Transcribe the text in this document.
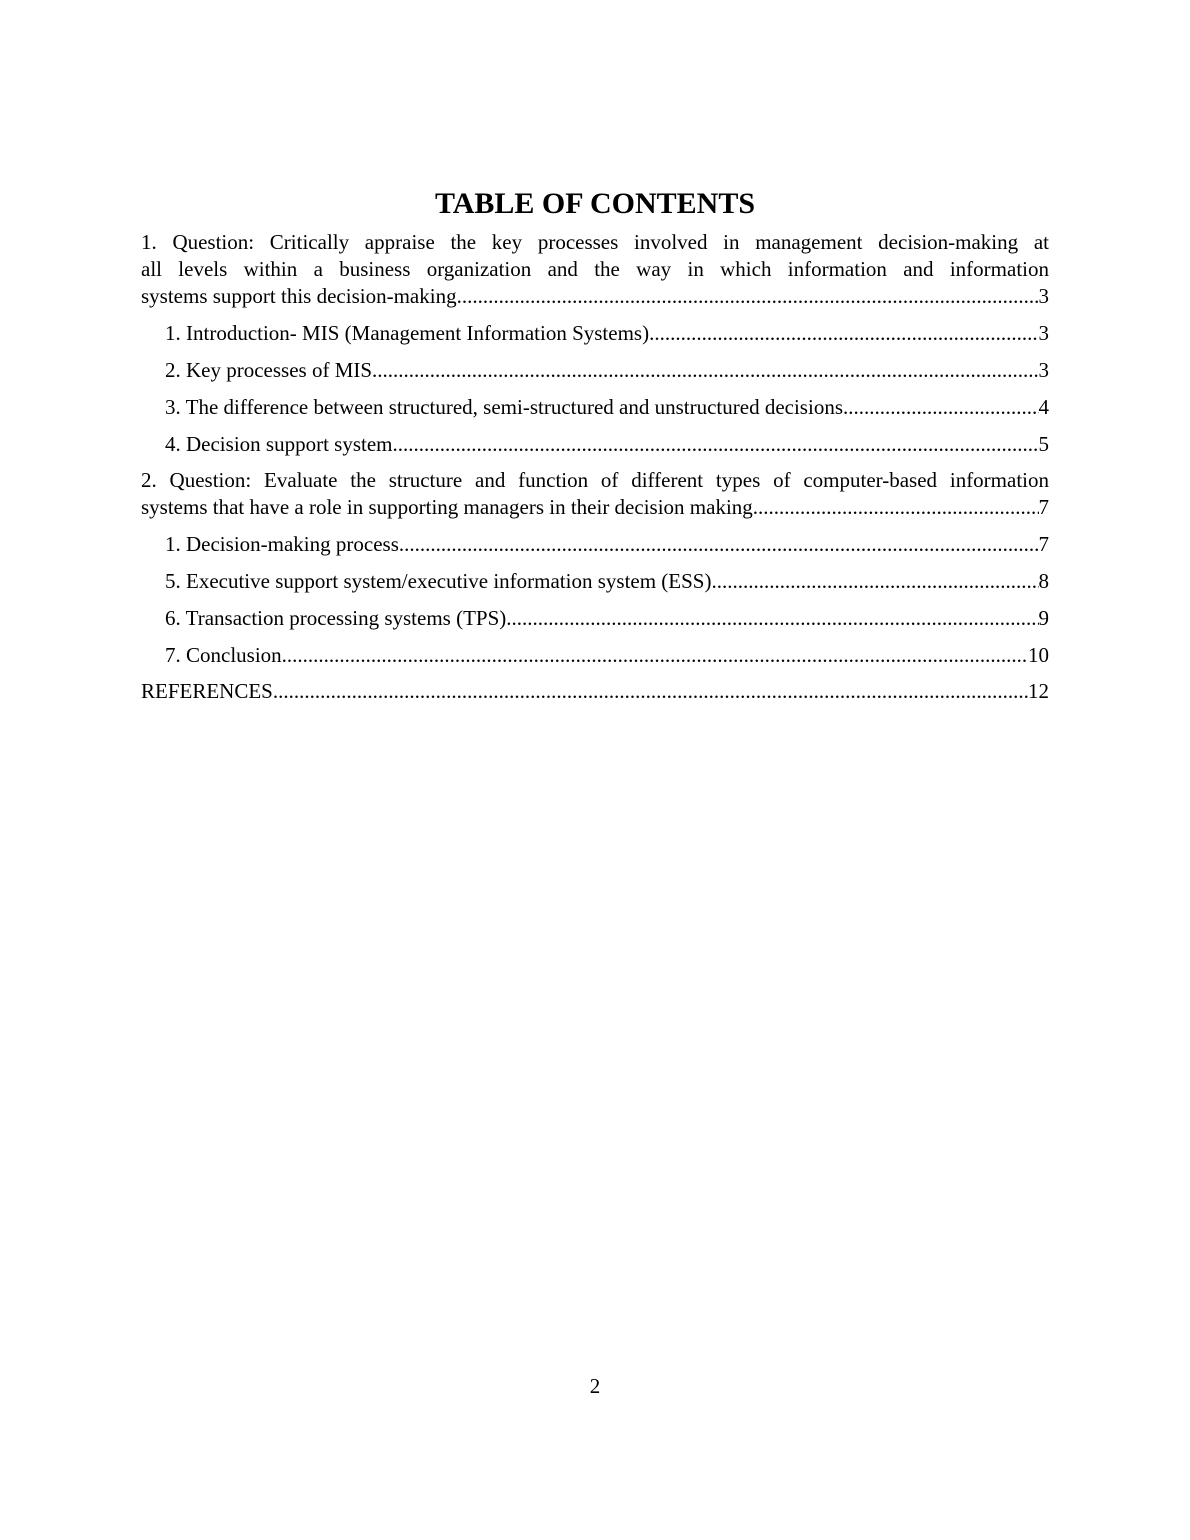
TABLE OF CONTENTS
1. Question: Critically appraise the key processes involved in management decision-making at
all levels within a business organization and the way in which information and information
systems support this decision-making. .....	3
1. Introduction- MIS (Management Information Systems) .....	3
2. Key processes of MIS .....	3
3. The difference between structured, semi-structured and unstructured decisions .....	4
4. Decision support system .....	5
2. Question: Evaluate the structure and function of different types of computer-based information
systems that have a role in supporting managers in their decision making. .....	7
1. Decision-making process .....	7
5. Executive support system/executive information system (ESS) .....	8
6. Transaction processing systems (TPS) .....	9
7. Conclusion .....	10
REFERENCES .....	12
2
